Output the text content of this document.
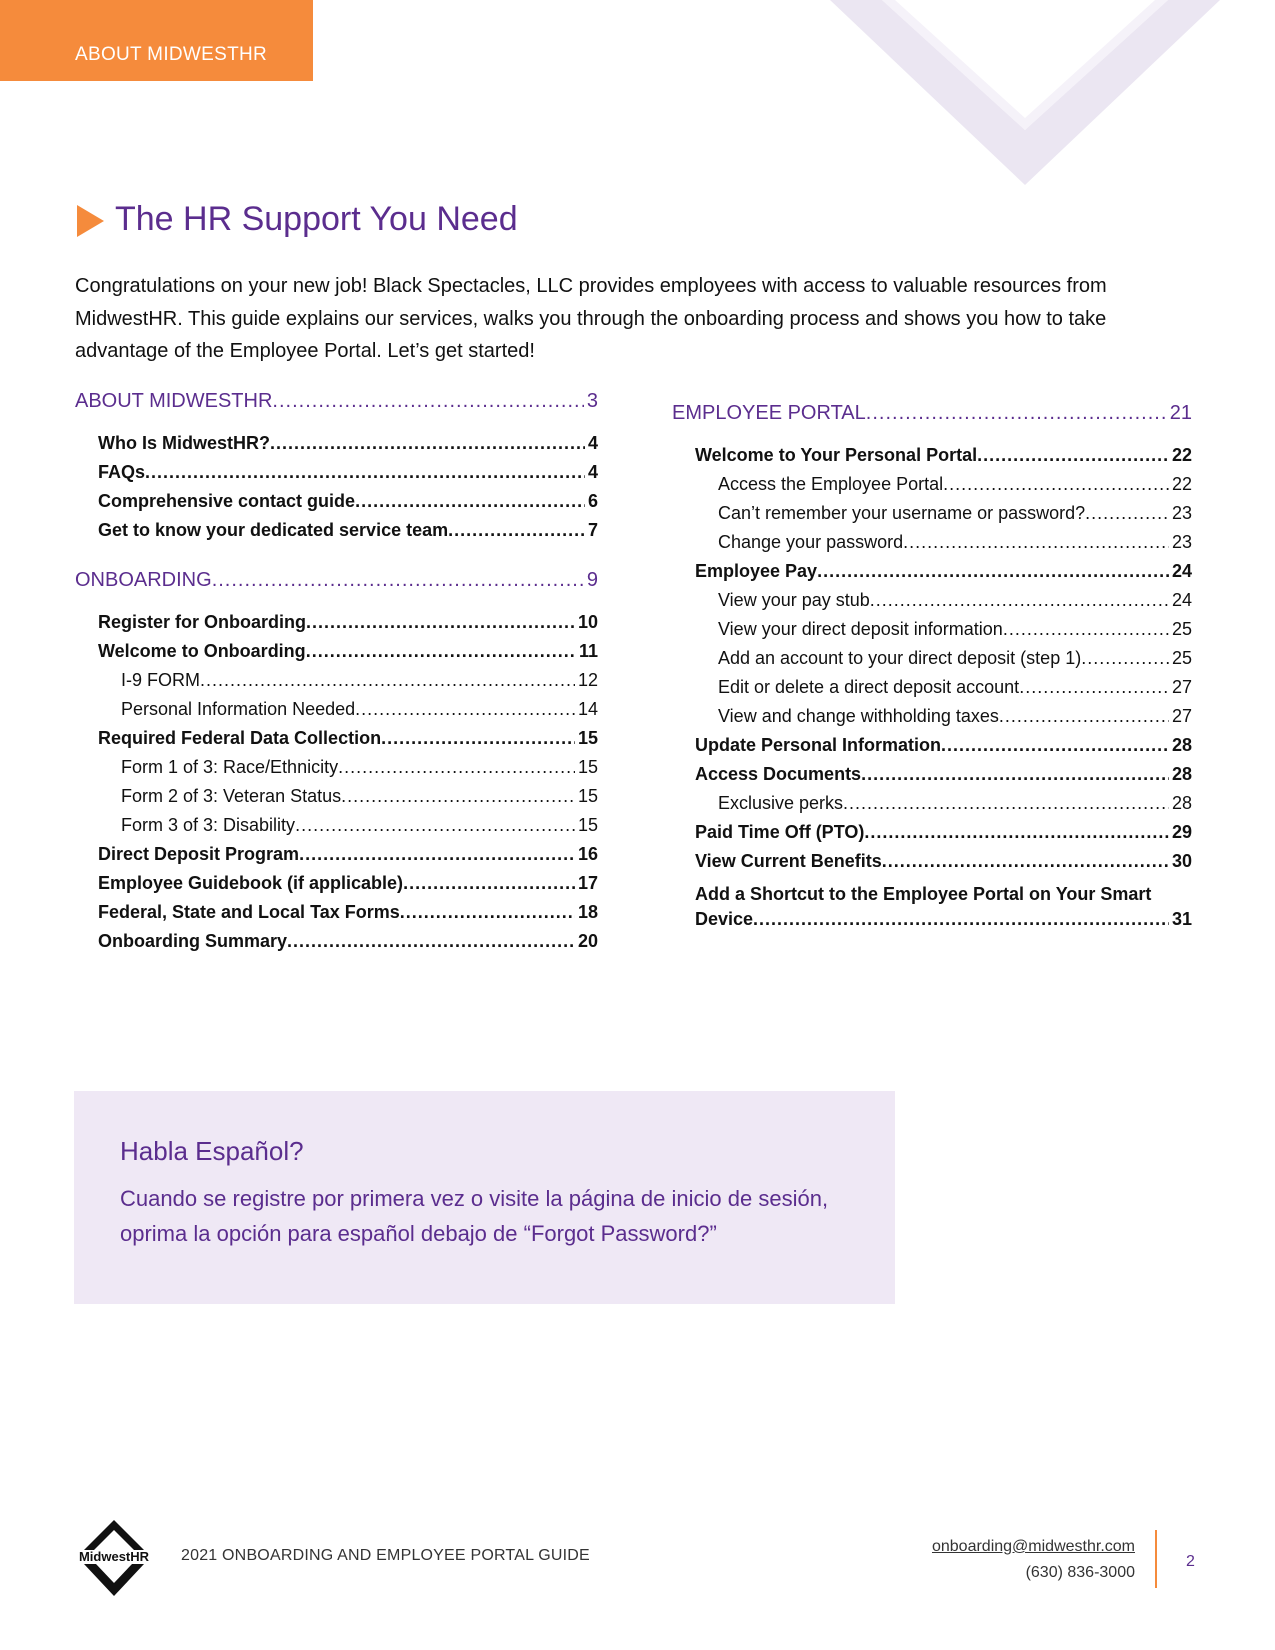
ABOUT MIDWESTHR
The HR Support You Need

Congratulations on your new job! Black Spectacles, LLC provides employees with access to valuable resources from MidwestHR. This guide explains our services, walks you through the onboarding process and shows you how to take advantage of the Employee Portal. Let’s get started!

ABOUT MIDWESTHR .....	3
Who Is MidwestHR? .....	4
FAQs .....	4
Comprehensive contact guide .....	6
Get to know your dedicated service team .....	7
ONBOARDING .....	9
Register for Onboarding .....	10
Welcome to Onboarding .....	11
I-9 FORM .....	12
Personal Information Needed .....	14
Required Federal Data Collection .....	15
Form 1 of 3: Race/Ethnicity .....	15
Form 2 of 3: Veteran Status .....	15
Form 3 of 3: Disability .....	15
Direct Deposit Program .....	16
Employee Guidebook (if applicable) .....	17
Federal, State and Local Tax Forms .....	18
Onboarding Summary .....	20
EMPLOYEE PORTAL .....	21
Welcome to Your Personal Portal .....	22
Access the Employee Portal .....	22
Can’t remember your username or password? .....	23
Change your password .....	23
Employee Pay .....	24
View your pay stub .....	24
View your direct deposit information .....	25
Add an account to your direct deposit (step 1) .....	25
Edit or delete a direct deposit account .....	27
View and change withholding taxes .....	27
Update Personal Information .....	28
Access Documents .....	28
Exclusive perks .....	28
Paid Time Off (PTO) .....	29
View Current Benefits .....	30
Add a Shortcut to the Employee Portal on Your Smart
Device .....	31
Habla Español?
Cuando se registre por primera vez o visite la página de inicio de sesión, oprima la opción para español debajo de “Forgot Password?”
MidwestHR 2021 ONBOARDING AND EMPLOYEE PORTAL GUIDE
onboarding@midwesthr.com
(630) 836-3000
2
